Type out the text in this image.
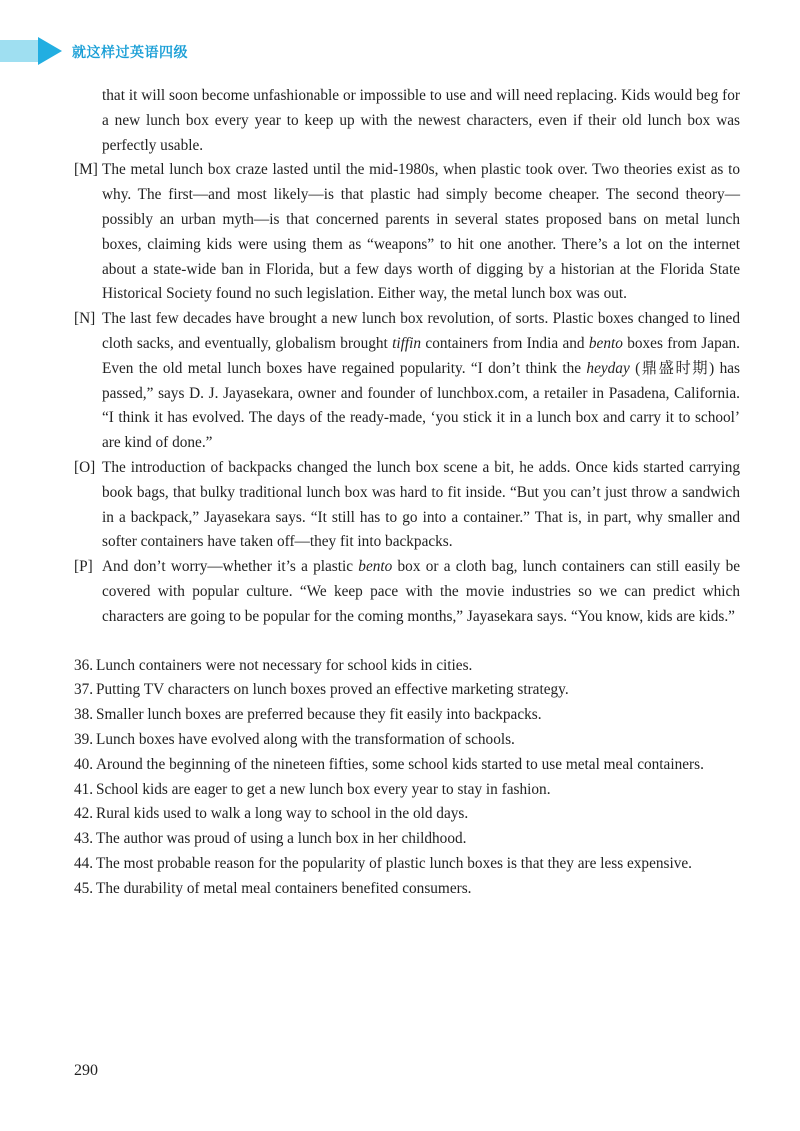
就这样过英语四级

that it will soon become unfashionable or impossible to use and will need replacing. Kids would beg for a new lunch box every year to keep up with the newest characters, even if their old lunch box was perfectly usable.

[M] The metal lunch box craze lasted until the mid-1980s, when plastic took over. Two theories exist as to why. The first—and most likely—is that plastic had simply become cheaper. The second theory—possibly an urban myth—is that concerned parents in several states proposed bans on metal lunch boxes, claiming kids were using them as “weapons” to hit one another. There’s a lot on the internet about a state-wide ban in Florida, but a few days worth of digging by a historian at the Florida State Historical Society found no such legislation. Either way, the metal lunch box was out.

[N] The last few decades have brought a new lunch box revolution, of sorts. Plastic boxes changed to lined cloth sacks, and eventually, globalism brought tiffin containers from India and bento boxes from Japan. Even the old metal lunch boxes have regained popularity. “I don’t think the heyday (鼎盛时期) has passed,” says D. J. Jayasekara, owner and founder of lunchbox.com, a retailer in Pasadena, California. “I think it has evolved. The days of the ready-made, ‘you stick it in a lunch box and carry it to school’ are kind of done.”

[O] The introduction of backpacks changed the lunch box scene a bit, he adds. Once kids started carrying book bags, that bulky traditional lunch box was hard to fit inside. “But you can’t just throw a sandwich in a backpack,” Jayasekara says. “It still has to go into a container.” That is, in part, why smaller and softer containers have taken off—they fit into backpacks.

[P] And don’t worry—whether it’s a plastic bento box or a cloth bag, lunch containers can still easily be covered with popular culture. “We keep pace with the movie industries so we can predict which characters are going to be popular for the coming months,” Jayasekara says. “You know, kids are kids.”

36. Lunch containers were not necessary for school kids in cities.

37. Putting TV characters on lunch boxes proved an effective marketing strategy.

38. Smaller lunch boxes are preferred because they fit easily into backpacks.

39. Lunch boxes have evolved along with the transformation of schools.

40. Around the beginning of the nineteen fifties, some school kids started to use metal meal containers.

41. School kids are eager to get a new lunch box every year to stay in fashion.

42. Rural kids used to walk a long way to school in the old days.

43. The author was proud of using a lunch box in her childhood.

44. The most probable reason for the popularity of plastic lunch boxes is that they are less expensive.

45. The durability of metal meal containers benefited consumers.

290
